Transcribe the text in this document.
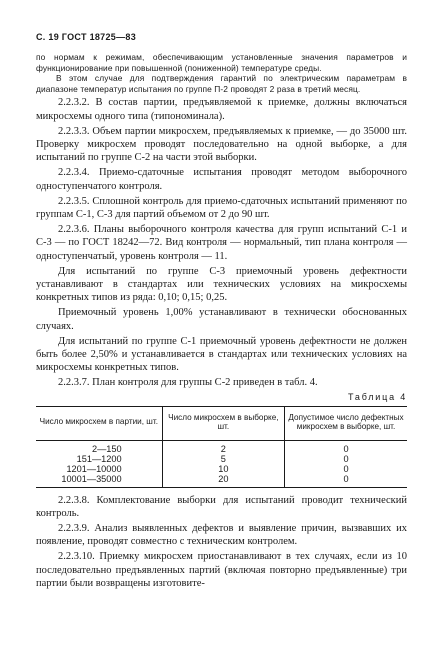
С. 19 ГОСТ 18725—83

по нормам к режимам, обеспечивающим установленные значения параметров и функционирование при повышенной (пониженной) температуре среды.

В этом случае для подтверждения гарантий по электрическим параметрам в диапазоне температур испытания по группе П-2 проводят 2 раза в третий месяц.

2.2.3.2. В состав партии, предъявляемой к приемке, должны включаться микросхемы одного типа (типономинала).

2.2.3.3. Объем партии микросхем, предъявляемых к приемке, — до 35000 шт. Проверку микросхем проводят последовательно на одной выборке, а для испытаний по группе С-2 на части этой выборки.

2.2.3.4. Приемо-сдаточные испытания проводят методом выборочного одноступенчатого контроля.

2.2.3.5. Сплошной контроль для приемо-сдаточных испытаний применяют по группам С-1, С-3 для партий объемом от 2 до 90 шт.

2.2.3.6. Планы выборочного контроля качества для групп испытаний С-1 и С-3 — по ГОСТ 18242—72. Вид контроля — нормальный, тип плана контроля — одноступенчатый, уровень контроля — 11.

Для испытаний по группе С-3 приемочный уровень дефектности устанавливают в стандартах или технических условиях на микросхемы конкретных типов из ряда: 0,10; 0,15; 0,25.

Приемочный уровень 1,00% устанавливают в технически обоснованных случаях.

Для испытаний по группе С-1 приемочный уровень дефектности не должен быть более 2,50% и устанавливается в стандартах или технических условиях на микросхемы конкретных типов.

2.2.3.7. План контроля для группы С-2 приведен в табл. 4.

Таблица 4
Число микросхем в партии, шт.	Число микросхем в выборке, шт.	Допустимое число дефектных микросхем в выборке, шт.
2—150	2	0
151—1200	5	0
1201—10000	10	0
10001—35000	20	0

2.2.3.8. Комплектование выборки для испытаний проводит технический контроль.

2.2.3.9. Анализ выявленных дефектов и выявление причин, вызвавших их появление, проводят совместно с техническим контролем.

2.2.3.10. Приемку микросхем приостанавливают в тех случаях, если из 10 последовательно предъявленных партий (включая повторно предъявленные) три партии были возвращены изготовите-
